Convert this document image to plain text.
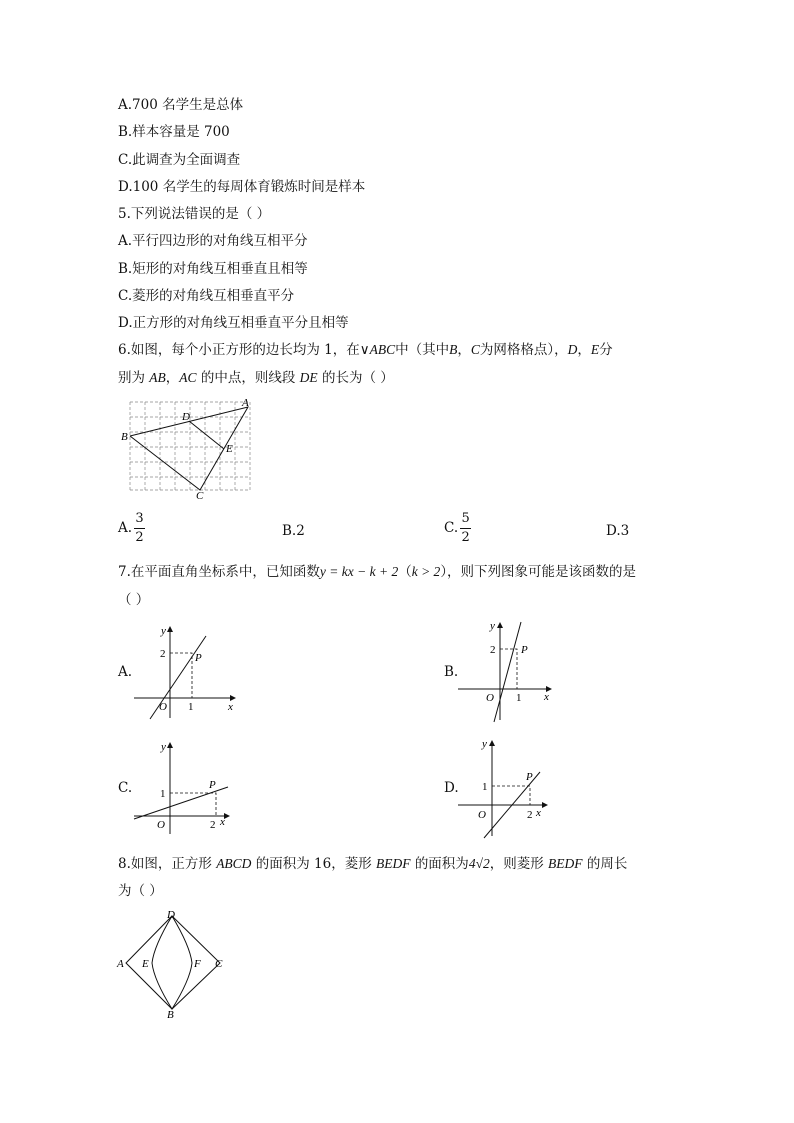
A.700 名学生是总体
B.样本容量是 700
C.此调查为全面调查
D.100 名学生的每周体育锻炼时间是样本
5.下列说法错误的是（ ）
A.平行四边形的对角线互相平分
B.矩形的对角线互相垂直且相等
C.菱形的对角线互相垂直平分
D.正方形的对角线互相垂直平分且相等
6.如图，每个小正方形的边长均为 1，在∨ABC中（其中B，C为网格格点），D，E分
别为 AB，AC 的中点，则线段 DE 的长为（ ）
B
A
C
D
E
A. $\frac{3}{2}$	B.2	C. $\frac{5}{2}$	D.3
7.在平面直角坐标系中，已知函数y = kx − k + 2（k > 2），则下列图象可能是该函数的是
（ ）
A.
y
x
2
1
P
O
B.
y
x
2
1
P
O
C.
y
x
1
2
P
O
D.
y
x
1
2
P
O
8.如图，正方形 ABCD 的面积为 16，菱形 BEDF 的面积为4√2，则菱形 BEDF 的周长
为（ ）
D
A E	F C
B
